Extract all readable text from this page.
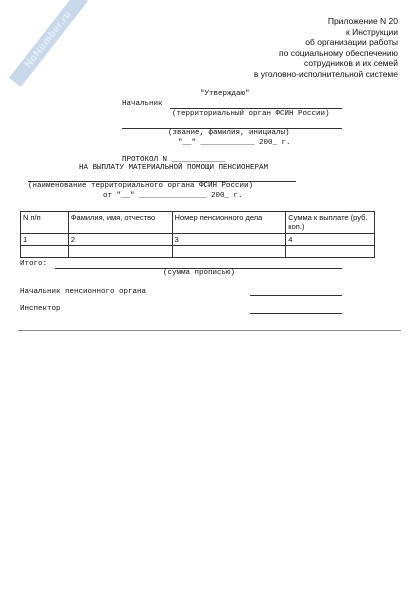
NoNumber.ru	Приложение N 20
к Инструкции
об организации работы
по социальному обеспечению
сотрудников и их семей
в уголовно-исполнительной системе
"Утверждаю"
Начальник
(территориальный орган ФСИН России)
(звание, фамилия, инициалы)
"__" ____________ 200_ г.
ПРОТОКОЛ N ____________
НА ВЫПЛАТУ МАТЕРИАЛЬНОЙ ПОМОЩИ ПЕНСИОНЕРАМ
(наименование территориального органа ФСИН России)
от "__" _______________ 200_ г.
N п/п	Фамилия, имя, отчество	Номер пенсионного дела	Сумма к выплате (руб. коп.)
1	2	3	4

Итого:
(сумма прописью)
Начальник пенсионного органа
Инспектор
